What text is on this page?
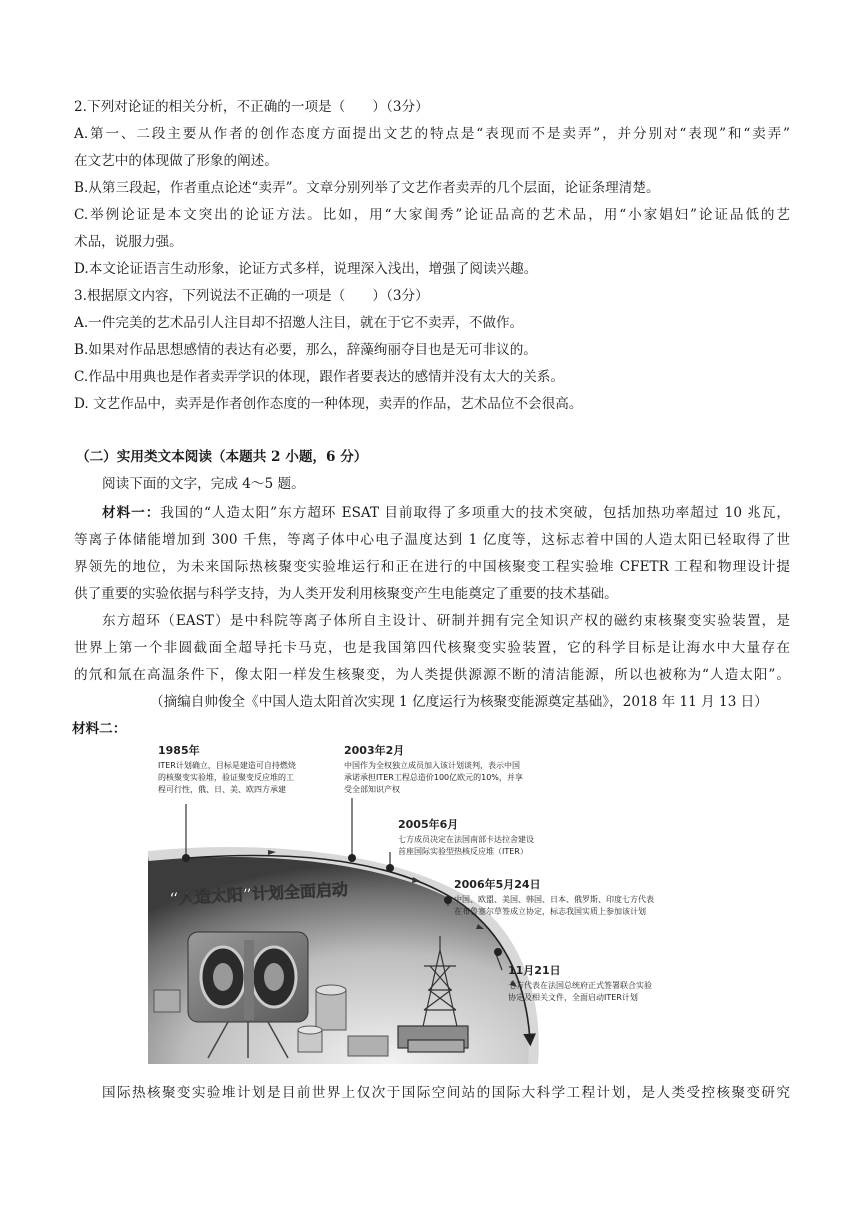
2.下列对论证的相关分析，不正确的一项是（　　）（3分）
A.第一、二段主要从作者的创作态度方面提出文艺的特点是“表现而不是卖弄”，并分别对“表现”和“卖弄”
在文艺中的体现做了形象的阐述。
B.从第三段起，作者重点论述“卖弄”。文章分别列举了文艺作者卖弄的几个层面，论证条理清楚。
C.举例论证是本文突出的论证方法。比如，用“大家闺秀”论证品高的艺术品，用“小家娼妇”论证品低的艺
术品，说服力强。
D.本文论证语言生动形象，论证方式多样，说理深入浅出，增强了阅读兴趣。
3.根据原文内容，下列说法不正确的一项是（　　）（3分）
A.一件完美的艺术品引人注目却不招邀人注目，就在于它不卖弄，不做作。
B.如果对作品思想感情的表达有必要，那么，辞藻绚丽夺目也是无可非议的。
C.作品中用典也是作者卖弄学识的体现，跟作者要表达的感情并没有太大的关系。
D. 文艺作品中，卖弄是作者创作态度的一种体现，卖弄的作品，艺术品位不会很高。
（二）实用类文本阅读（本题共 2 小题，6 分）
阅读下面的文字，完成 4～5 题。
材料一：我国的“人造太阳”东方超环 ESAT 目前取得了多项重大的技术突破，包括加热功率超过 10 兆瓦，
等离子体储能增加到 300 千焦，等离子体中心电子温度达到 1 亿度等，这标志着中国的人造太阳已轻取得了世
界领先的地位，为未来国际热核聚变实验堆运行和正在进行的中国核聚变工程实验堆 CFETR 工程和物理设计提
供了重要的实验依据与科学支持，为人类开发利用核聚变产生电能奠定了重要的技术基础。
东方超环（EAST）是中科院等离子体所自主设计、研制并拥有完全知识产权的磁约束核聚变实验装置，是
世界上第一个非圆截面全超导托卡马克，也是我国第四代核聚变实验装置，它的科学目标是让海水中大量存在
的氘和氚在高温条件下，像太阳一样发生核聚变，为人类提供源源不断的清洁能源，所以也被称为“人造太阳”。
（摘编自帅俊全《中国人造太阳首次实现 1 亿度运行为核聚变能源奠定基础》，2018 年 11 月 13 日）
材料二：
1985年
ITER计划确立，目标是建造可自持燃烧
的核聚变实验堆，验证聚变反应堆的工
程可行性，俄、日、美、欧四方承建
2003年2月
中国作为全权独立成员加入该计划谈判，表示中国
承诺承担ITER工程总造价100亿欧元的10%，并享
受全部知识产权
2005年6月
七方成员决定在法国南部卡达拉舍建设
首座国际实验型热核反应堆（ITER）
2006年5月24日
中国、欧盟、美国、韩国、日本、俄罗斯、印度七方代表
在布鲁塞尔草签成立协定，标志我国实质上参加该计划
11月21日
七方代表在法国总统府正式签署联合实验
协定及相关文件，全面启动ITER计划
“人造太阳”计划全面启动
国际热核聚变实验堆计划是目前世界上仅次于国际空间站的国际大科学工程计划，是人类受控核聚变研究
